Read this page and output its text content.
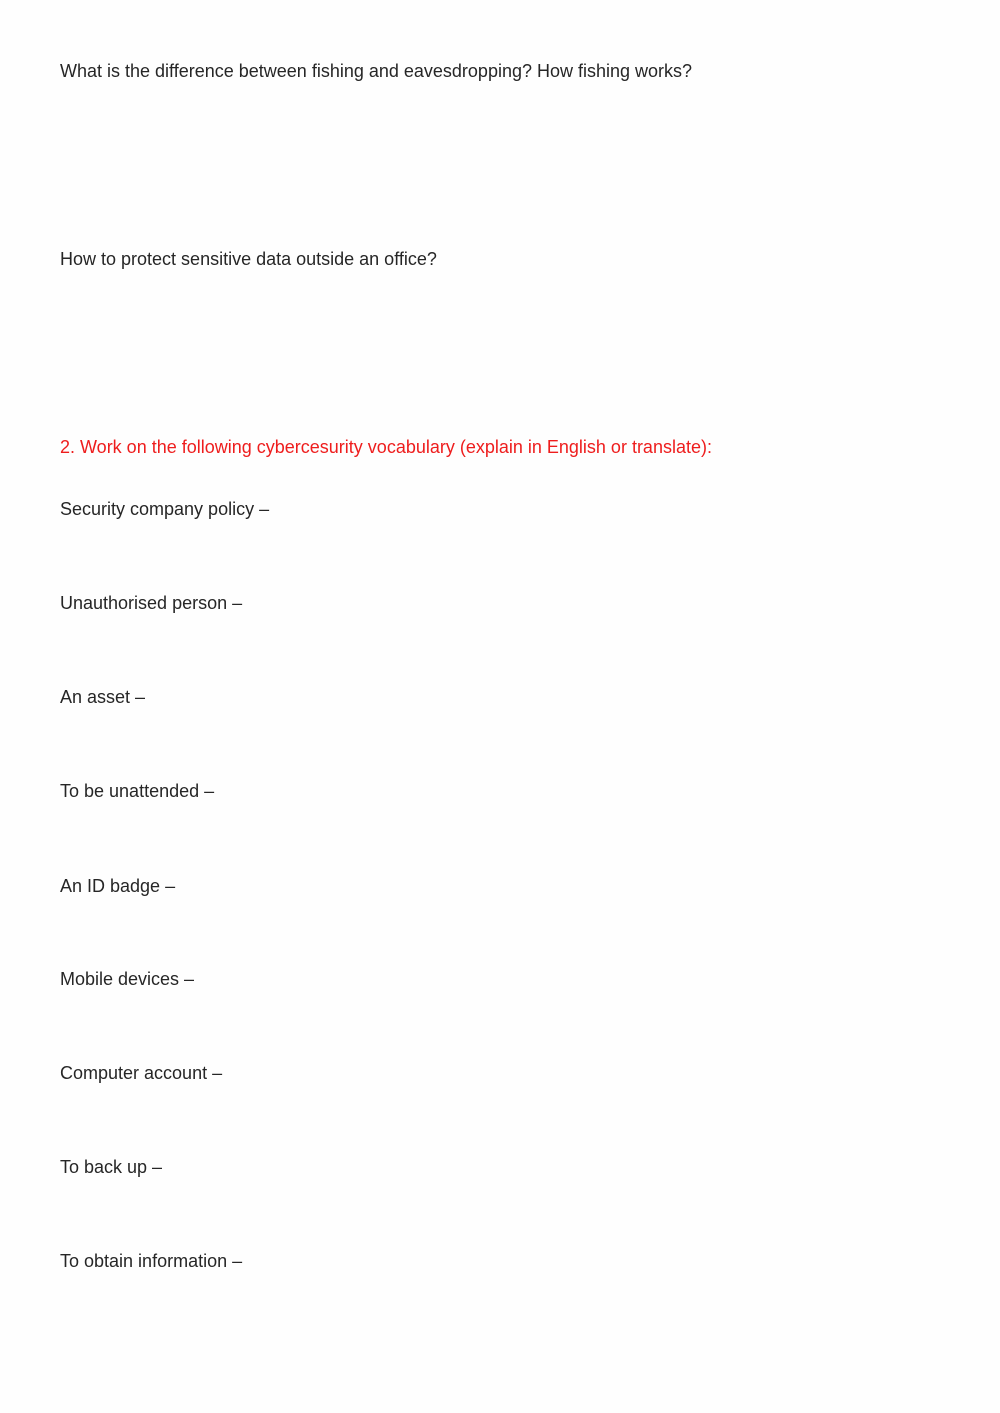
What is the difference between fishing and eavesdropping? How fishing works?
How to protect sensitive data outside an office?
2. Work on the following cybercesurity vocabulary (explain in English or translate):
Security company policy –
Unauthorised person –
An asset –
To be unattended –
An ID badge –
Mobile devices –
Computer account –
To back up –
To obtain information –
